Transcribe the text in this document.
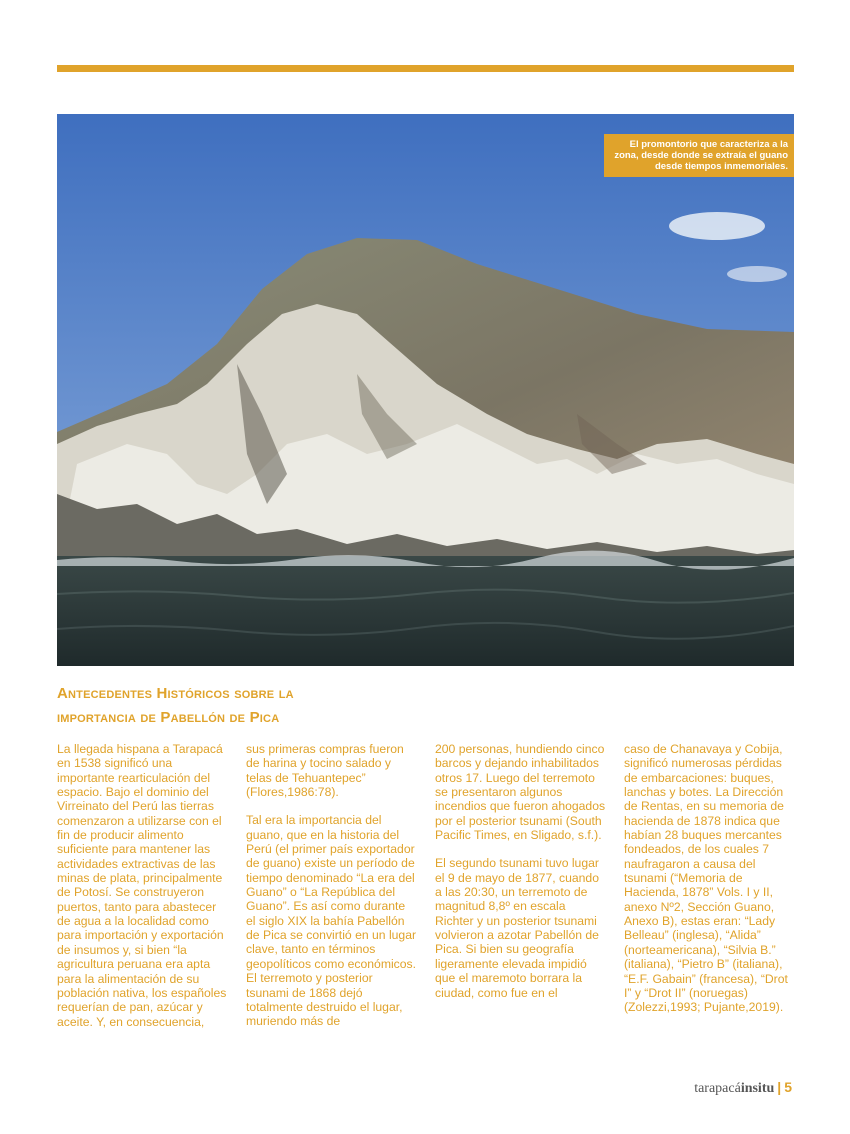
El promontorio que caracteriza a la zona, desde donde se extraía el guano desde tiempos inmemoriales.
Antecedentes Históricos sobre la
importancia de Pabellón de Pica

La llegada hispana a Tarapacá en 1538 significó una importante rearticulación del espacio. Bajo el dominio del Virreinato del Perú las tierras comenzaron a utilizarse con el fin de producir alimento suficiente para mantener las actividades extractivas de las minas de plata, principalmente de Potosí. Se construyeron puertos, tanto para abastecer de agua a la localidad como para importación y exportación de insumos y, si bien “la agricultura peruana era apta para la alimentación de su población nativa, los españoles requerían de pan, azúcar y aceite. Y, en consecuencia,

sus primeras compras fueron de harina y tocino salado y telas de Tehuantepec” (Flores,1986:78).

Tal era la importancia del guano, que en la historia del Perú (el primer país exportador de guano) existe un período de tiempo denominado “La era del Guano” o “La República del Guano”. Es así como durante el siglo XIX la bahía Pabellón de Pica se convirtió en un lugar clave, tanto en términos geopolíticos como económicos. El terremoto y posterior tsunami de 1868 dejó totalmente destruido el lugar, muriendo más de

200 personas, hundiendo cinco barcos y dejando inhabilitados otros 17. Luego del terremoto se presentaron algunos incendios que fueron ahogados por el posterior tsunami (South Pacific Times, en Sligado, s.f.).

El segundo tsunami tuvo lugar el 9 de mayo de 1877, cuando a las 20:30, un terremoto de magnitud 8,8º en escala Richter y un posterior tsunami volvieron a azotar Pabellón de Pica. Si bien su geografía ligeramente elevada impidió que el maremoto borrara la ciudad, como fue en el

caso de Chanavaya y Cobija, significó numerosas pérdidas de embarcaciones: buques, lanchas y botes. La Dirección de Rentas, en su memoria de hacienda de 1878 indica que habían 28 buques mercantes fondeados, de los cuales 7 naufragaron a causa del tsunami (“Memoria de Hacienda, 1878” Vols. I y II, anexo Nº2, Sección Guano, Anexo B), estas eran: “Lady Belleau” (inglesa), “Alida” (norteamericana), “Silvia B.” (italiana), “Pietro B” (italiana), “E.F. Gabain” (francesa), “Drot I” y “Drot II” (noruegas) (Zolezzi,1993; Pujante,2019).

tarapacáinsitu | 5
